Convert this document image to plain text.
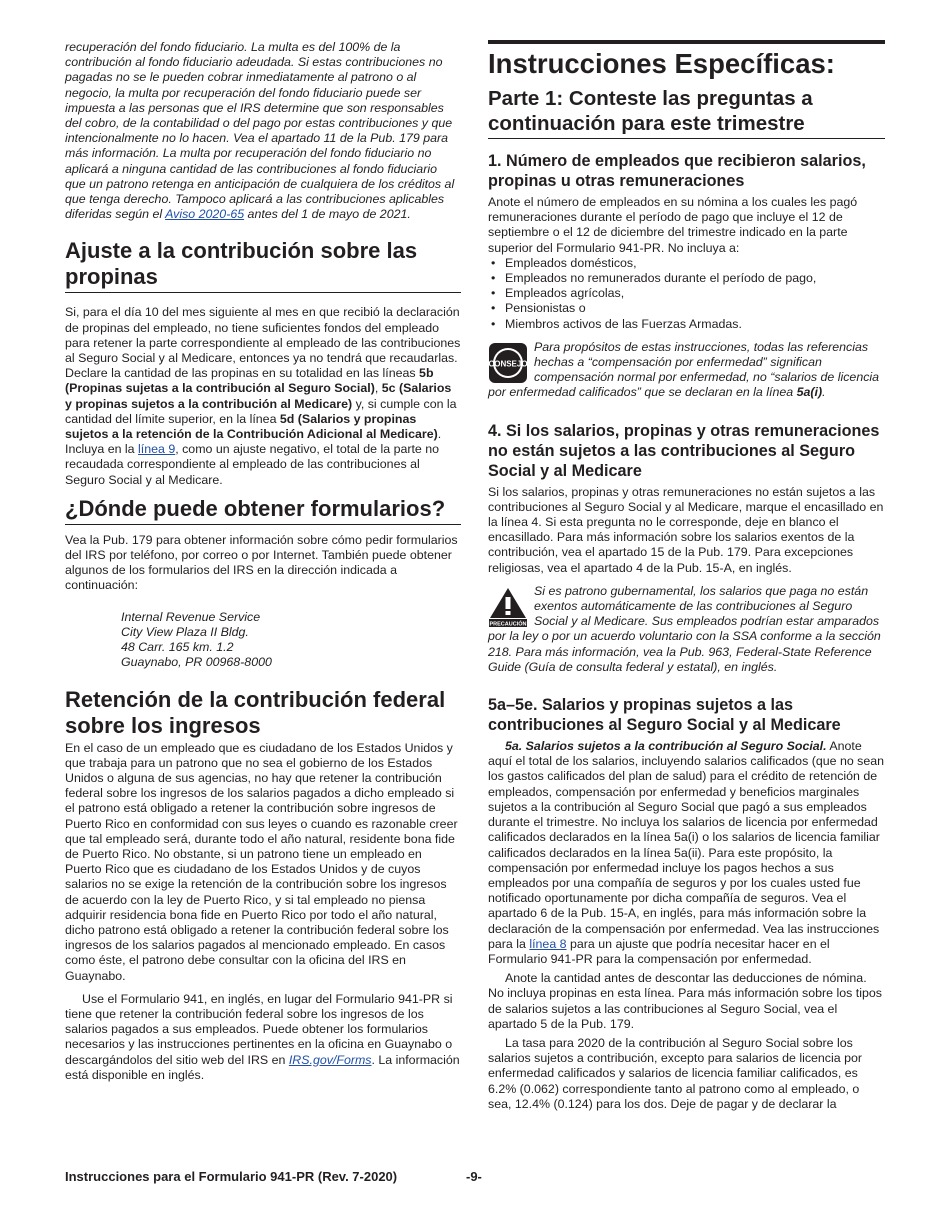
recuperación del fondo fiduciario. La multa es del 100% de la contribución al fondo fiduciario adeudada. Si estas contribuciones no pagadas no se le pueden cobrar inmediatamente al patrono o al negocio, la multa por recuperación del fondo fiduciario puede ser impuesta a las personas que el IRS determine que son responsables del cobro, de la contabilidad o del pago por estas contribuciones y que intencionalmente no lo hacen. Vea el apartado 11 de la Pub. 179 para más información. La multa por recuperación del fondo fiduciario no aplicará a ninguna cantidad de las contribuciones al fondo fiduciario que un patrono retenga en anticipación de cualquiera de los créditos al que tenga derecho. Tampoco aplicará a las contribuciones aplicables diferidas según el Aviso 2020-65 antes del 1 de mayo de 2021.

Ajuste a la contribución sobre las propinas

Si, para el día 10 del mes siguiente al mes en que recibió la declaración de propinas del empleado, no tiene suficientes fondos del empleado para retener la parte correspondiente al empleado de las contribuciones al Seguro Social y al Medicare, entonces ya no tendrá que recaudarlas. Declare la cantidad de las propinas en su totalidad en las líneas 5b (Propinas sujetas a la contribución al Seguro Social), 5c (Salarios y propinas sujetos a la contribución al Medicare) y, si cumple con la cantidad del límite superior, en la línea 5d (Salarios y propinas sujetos a la retención de la Contribución Adicional al Medicare). Incluya en la línea 9, como un ajuste negativo, el total de la parte no recaudada correspondiente al empleado de las contribuciones al Seguro Social y al Medicare.

¿Dónde puede obtener formularios?

Vea la Pub. 179 para obtener información sobre cómo pedir formularios del IRS por teléfono, por correo o por Internet. También puede obtener algunos de los formularios del IRS en la dirección indicada a continuación:

Internal Revenue Service
City View Plaza II Bldg.
48 Carr. 165 km. 1.2
Guaynabo, PR 00968-8000
Retención de la contribución federal sobre los ingresos

En el caso de un empleado que es ciudadano de los Estados Unidos y que trabaja para un patrono que no sea el gobierno de los Estados Unidos o alguna de sus agencias, no hay que retener la contribución federal sobre los ingresos de los salarios pagados a dicho empleado si el patrono está obligado a retener la contribución sobre ingresos de Puerto Rico en conformidad con sus leyes o cuando es razonable creer que tal empleado será, durante todo el año natural, residente bona fide de Puerto Rico. No obstante, si un patrono tiene un empleado en Puerto Rico que es ciudadano de los Estados Unidos y de cuyos salarios no se exige la retención de la contribución sobre los ingresos de acuerdo con la ley de Puerto Rico, y si tal empleado no piensa adquirir residencia bona fide en Puerto Rico por todo el año natural, dicho patrono está obligado a retener la contribución federal sobre los ingresos de los salarios pagados al mencionado empleado. En casos como éste, el patrono debe consultar con la oficina del IRS en Guaynabo.

Use el Formulario 941, en inglés, en lugar del Formulario 941-PR si tiene que retener la contribución federal sobre los ingresos de los salarios pagados a sus empleados. Puede obtener los formularios necesarios y las instrucciones pertinentes en la oficina en Guaynabo o descargándolos del sitio web del IRS en IRS.gov/Forms. La información está disponible en inglés.

Instrucciones Específicas:
Parte 1: Conteste las preguntas a continuación para este trimestre
1. Número de empleados que recibieron salarios, propinas u otras remuneraciones

Anote el número de empleados en su nómina a los cuales les pagó remuneraciones durante el período de pago que incluye el 12 de septiembre o el 12 de diciembre del trimestre indicado en la parte superior del Formulario 941-PR. No incluya a:

• Empleados domésticos,
• Empleados no remunerados durante el período de pago,
• Empleados agrícolas,
• Pensionistas o
• Miembros activos de las Fuerzas Armadas.
CONSEJO

Para propósitos de estas instrucciones, todas las referencias hechas a “compensación por enfermedad” significan compensación normal por enfermedad, no “salarios de licencia por enfermedad calificados” que se declaran en la línea 5a(i).

4. Si los salarios, propinas y otras remuneraciones no están sujetos a las contribuciones al Seguro Social y al Medicare

Si los salarios, propinas y otras remuneraciones no están sujetos a las contribuciones al Seguro Social y al Medicare, marque el encasillado en la línea 4. Si esta pregunta no le corresponde, deje en blanco el encasillado. Para más información sobre los salarios exentos de la contribución, vea el apartado 15 de la Pub. 179. Para excepciones religiosas, vea el apartado 4 de la Pub. 15-A, en inglés.

PRECAUCIÓN

Si es patrono gubernamental, los salarios que paga no están exentos automáticamente de las contribuciones al Seguro Social y al Medicare. Sus empleados podrían estar amparados por la ley o por un acuerdo voluntario con la SSA conforme a la sección 218. Para más información, vea la Pub. 963, Federal-State Reference Guide (Guía de consulta federal y estatal), en inglés.

5a–5e. Salarios y propinas sujetos a las contribuciones al Seguro Social y al Medicare

5a. Salarios sujetos a la contribución al Seguro Social. Anote aquí el total de los salarios, incluyendo salarios calificados (que no sean los gastos calificados del plan de salud) para el crédito de retención de empleados, compensación por enfermedad y beneficios marginales sujetos a la contribución al Seguro Social que pagó a sus empleados durante el trimestre. No incluya los salarios de licencia por enfermedad calificados declarados en la línea 5a(i) o los salarios de licencia familiar calificados declarados en la línea 5a(ii). Para este propósito, la compensación por enfermedad incluye los pagos hechos a sus empleados por una compañía de seguros y por los cuales usted fue notificado oportunamente por dicha compañía de seguros. Vea el apartado 6 de la Pub. 15-A, en inglés, para más información sobre la declaración de la compensación por enfermedad. Vea las instrucciones para la línea 8 para un ajuste que podría necesitar hacer en el Formulario 941-PR para la compensación por enfermedad.

Anote la cantidad antes de descontar las deducciones de nómina. No incluya propinas en esta línea. Para más información sobre los tipos de salarios sujetos a las contribuciones al Seguro Social, vea el apartado 5 de la Pub. 179.

La tasa para 2020 de la contribución al Seguro Social sobre los salarios sujetos a contribución, excepto para salarios de licencia por enfermedad calificados y salarios de licencia familiar calificados, es 6.2% (0.062) correspondiente tanto al patrono como al empleado, o sea, 12.4% (0.124) para los dos. Deje de pagar y de declarar la

Instrucciones para el Formulario 941-PR (Rev. 7-2020)	-9-
